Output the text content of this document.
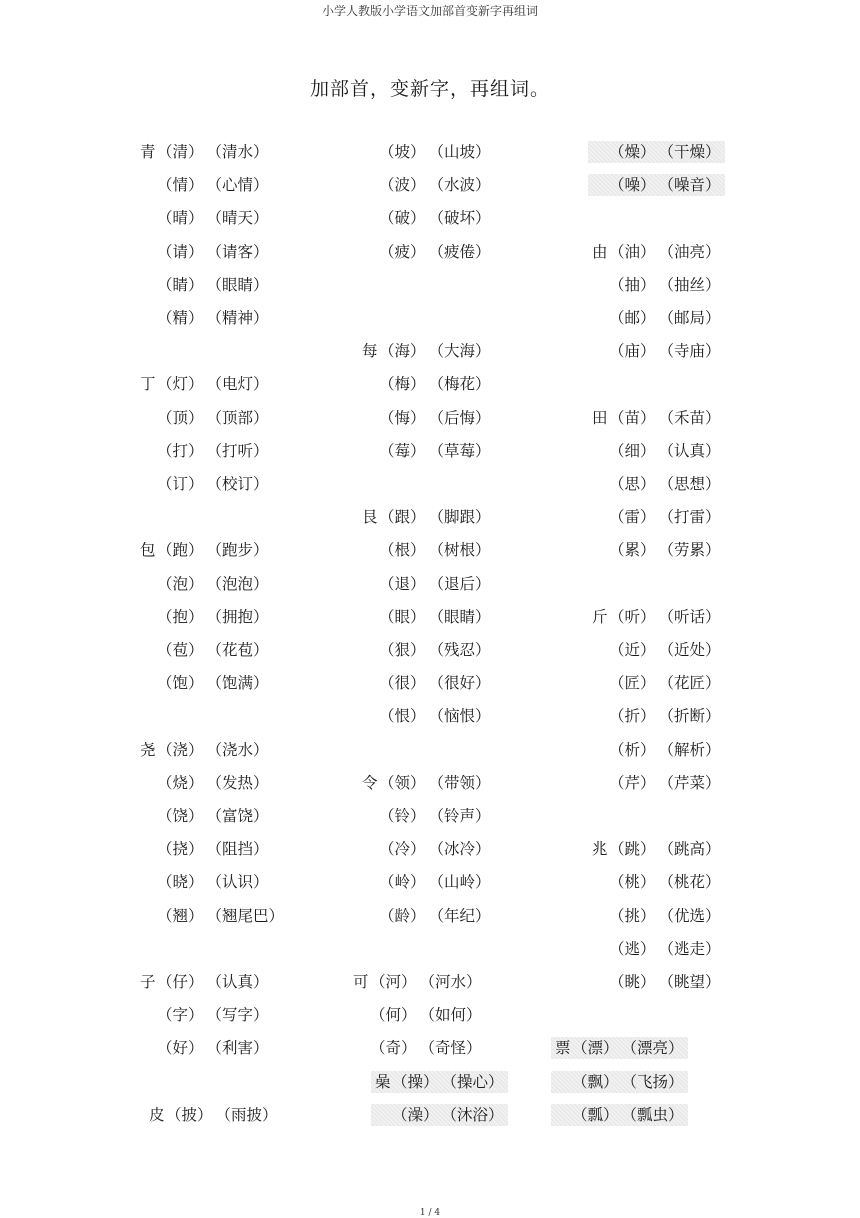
小学人教版小学语文加部首变新字再组词
加部首，变新字，再组词。
青 （清） （清水）
（情） （心情）
（晴） （晴天）
（请） （请客）
（睛） （眼睛）
（精） （精神）
丁 （灯） （电灯）
（顶） （顶部）
（打） （打听）
（订） （校订）
包 （跑） （跑步）
（泡） （泡泡）
（抱） （拥抱）
（苞） （花苞）
（饱） （饱满）
尧 （浇） （浇水）
（烧） （发热）
（饶） （富饶）
（挠） （阻挡）
（晓） （认识）
（翘） （翘尾巴）
子 （仔） （认真）
（字） （写字）
（好） （利害）
皮 （披） （雨披）
（坡） （山坡）
（波） （水波）
（破） （破坏）
（疲） （疲倦）
每 （海） （大海）
（梅） （梅花）
（悔） （后悔）
（莓） （草莓）
艮 （跟） （脚跟）
（根） （树根）
（退） （退后）
（眼） （眼睛）
（狠） （残忍）
（很） （很好）
（恨） （恼恨）
令 （领） （带领）
（铃） （铃声）
（冷） （冰冷）
（岭） （山岭）
（龄） （年纪）
可 （河） （河水）
（何） （如何）
（奇） （奇怪）
喿 （操） （操心）
（澡） （沐浴）
（燥） （干燥）
（噪） （噪音）
由 （油） （油亮）
（抽） （抽丝）
（邮） （邮局）
（庙） （寺庙）
田 （苗） （禾苗）
（细） （认真）
（思） （思想）
（雷） （打雷）
（累） （劳累）
斤 （听） （听话）
（近） （近处）
（匠） （花匠）
（折） （折断）
（析） （解析）
（芹） （芹菜）
兆 （跳） （跳高）
（桃） （桃花）
（挑） （优选）
（逃） （逃走）
（眺） （眺望）
票 （漂） （漂亮）
（飘） （飞扬）
（瓢） （瓢虫）
1 / 4
